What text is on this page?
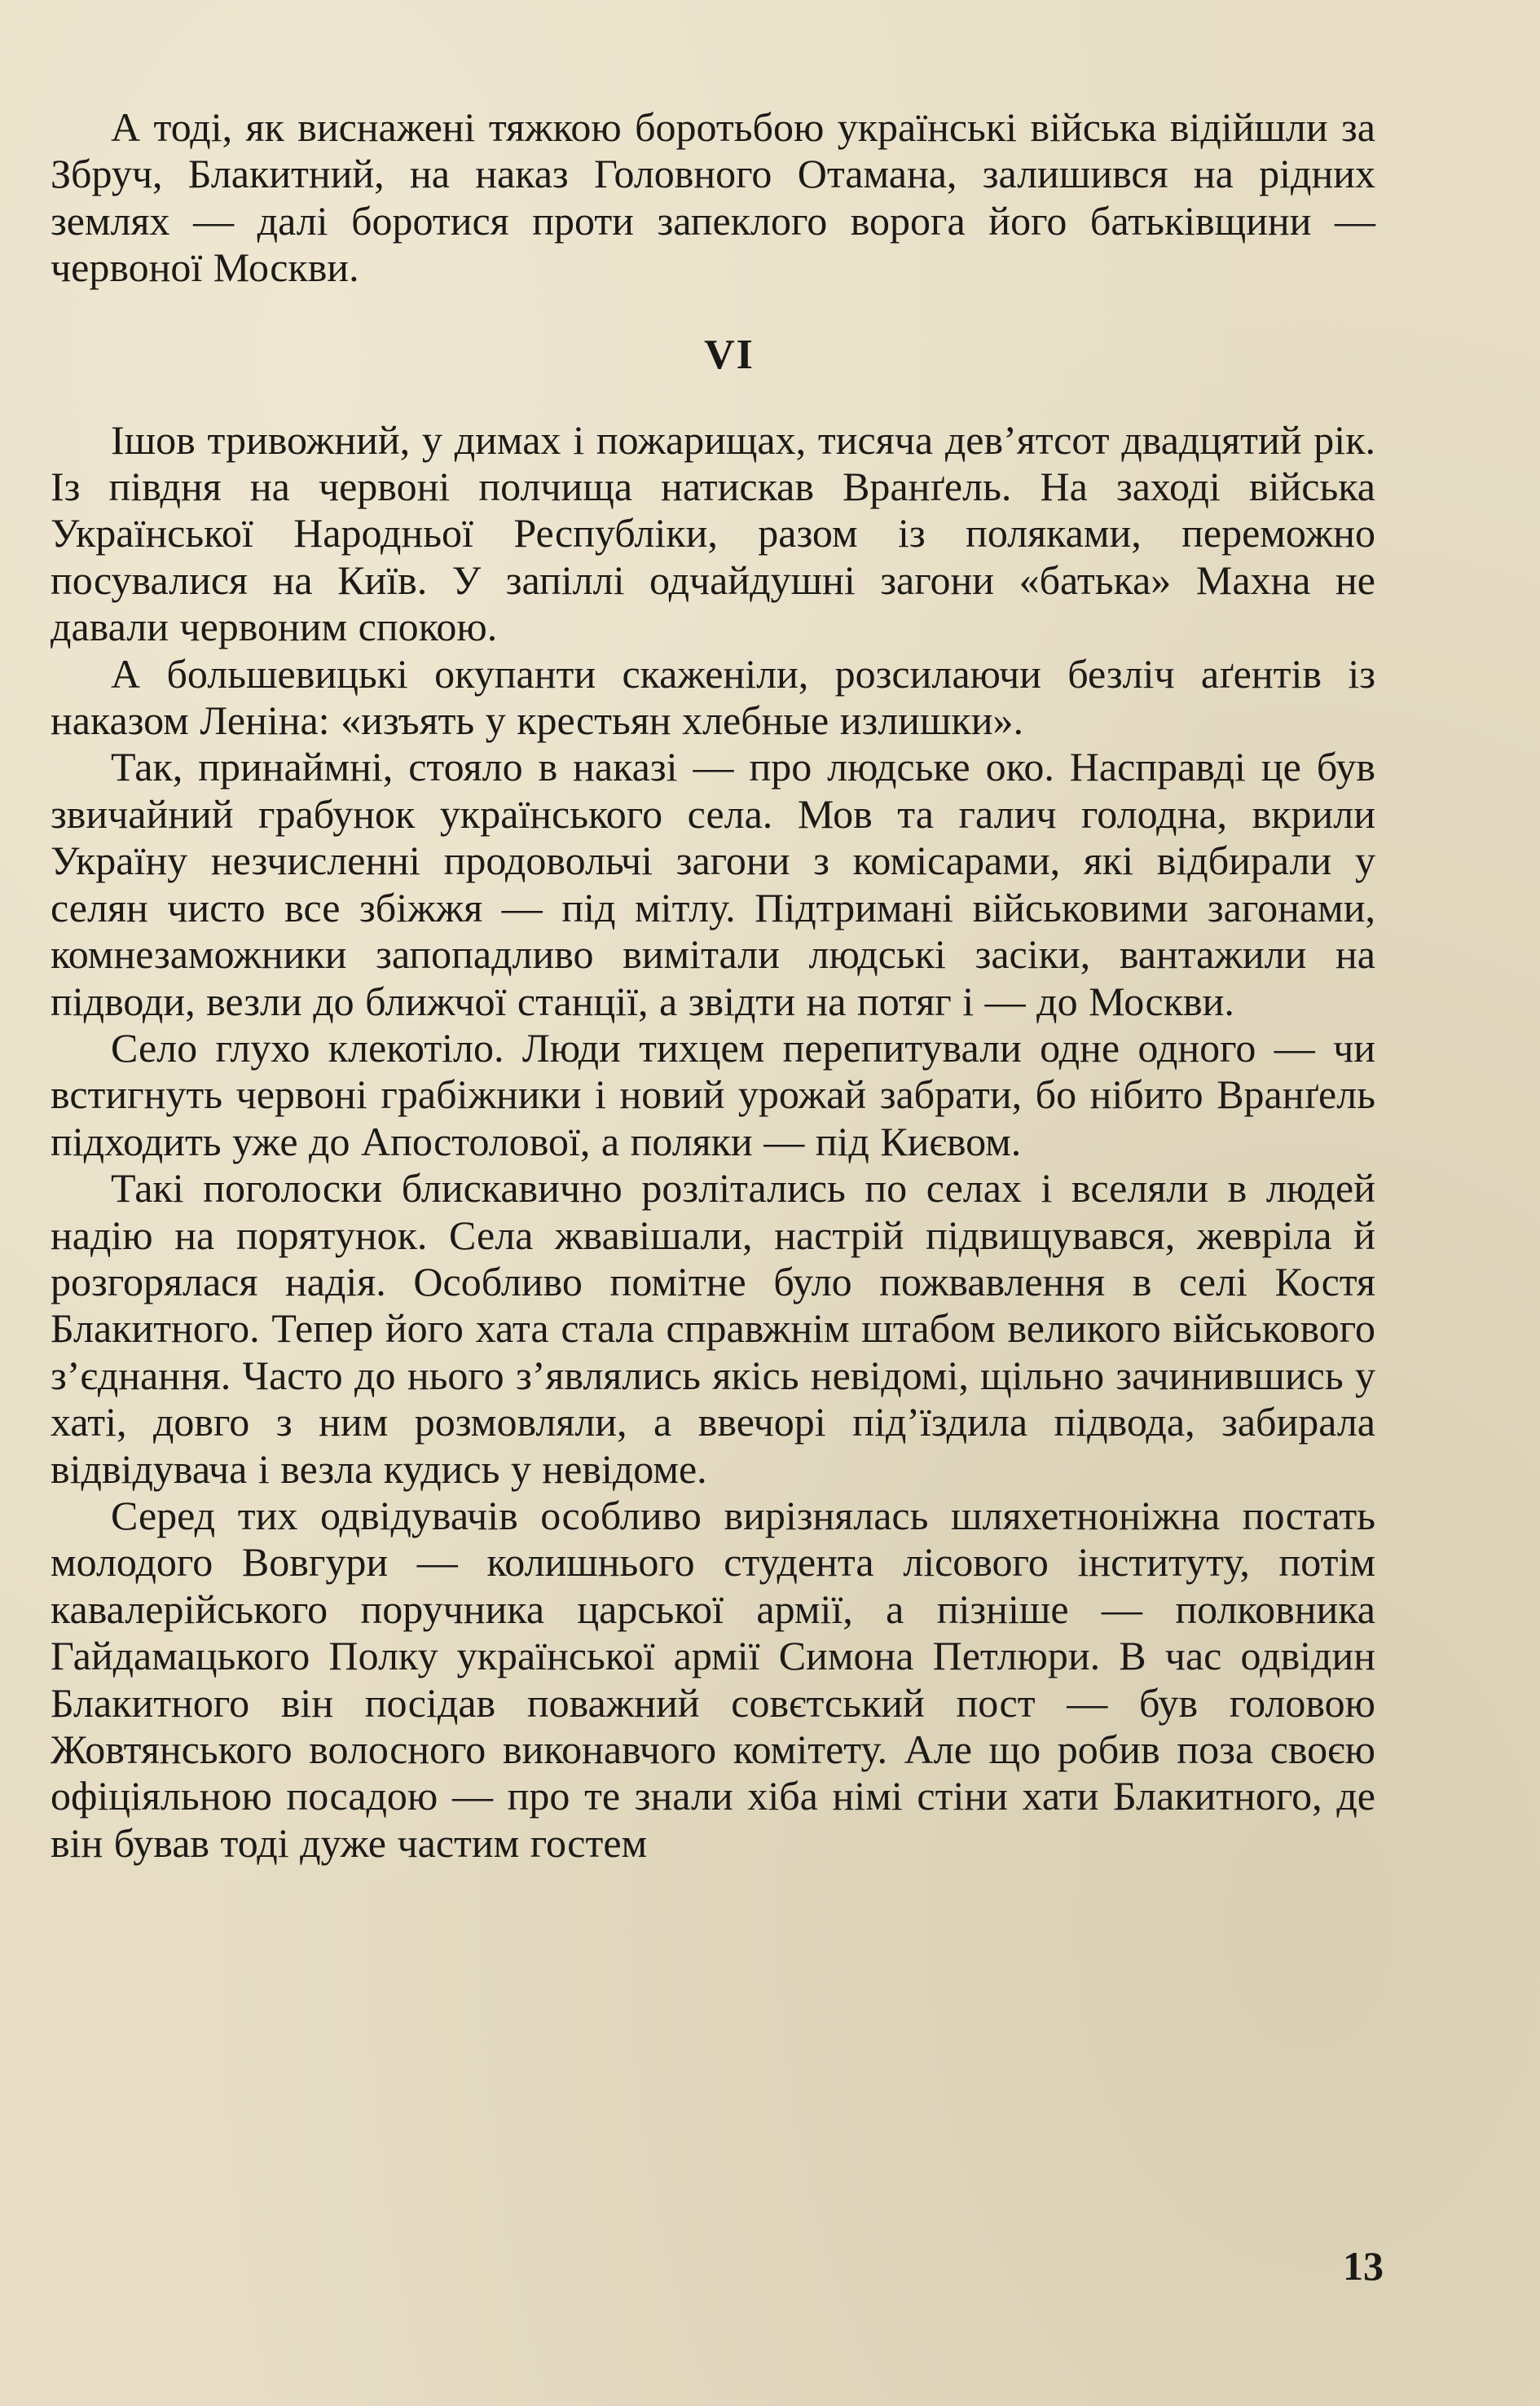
А тоді, як виснажені тяжкою боротьбою українські війська відійшли за Збруч, Блакитний, на наказ Головного Отамана, залишився на рідних землях — далі боротися проти запеклого ворога його батьківщини — червоної Москви.

VI

Ішов тривожний, у димах і пожарищах, тисяча дев’ятсот двадцятий рік. Із півдня на червоні полчища натискав Вранґель. На заході війська Української Народньої Республіки, разом із поляками, переможно посувалися на Київ. У запіллі одчайдушні загони «батька» Махна не давали червоним спокою.

А большевицькі окупанти скаженіли, розсилаючи безліч аґентів із наказом Леніна: «изъять у крестьян хлебные излишки».

Так, принаймні, стояло в наказі — про людське око. Насправді це був звичайний грабунок українського села. Мов та галич голодна, вкрили Україну незчисленні продовольчі загони з комісарами, які відбирали у селян чисто все збіжжя — під мітлу. Підтримані військовими загонами, комнезаможники запопадливо вимітали людські засіки, вантажили на підводи, везли до ближчої станції, а звідти на потяг і — до Москви.

Село глухо клекотіло. Люди тихцем перепитували одне одного — чи встигнуть червоні грабіжники і новий урожай забрати, бо нібито Вранґель підходить уже до Апостолової, а поляки — під Києвом.

Такі поголоски блискавично розліталиcь по селах і вселяли в людей надію на порятунок. Села жвавішали, настрій підвищувався, жевріла й розгорялася надія. Особливо помітне було пожвавлення в селі Костя Блакитного. Тепер його хата стала справжнім штабом великого військового з’єднання. Часто до нього з’являлись якісь невідомі, щільно зачинившись у хаті, довго з ним розмовляли, а ввечорі під’їздила підвода, забирала відвідувача і везла кудись у невідоме.

Серед тих одвідувачів особливо вирізнялась шляхетноніжна постать молодого Вовгури — колишнього студента лісового інституту, потім кавалерійського поручника царської армії, а пізніше — полковника Гайдамацького Полку української армії Симона Петлюри. В час одвідин Блакитного він посідав поважний совєтський пост — був головою Жовтянського волосного виконавчого комітету. Але що робив поза своєю офіціяльною посадою — про те знали хіба німі стіни хати Блакитного, де він бував тоді дуже частим гостем

13
